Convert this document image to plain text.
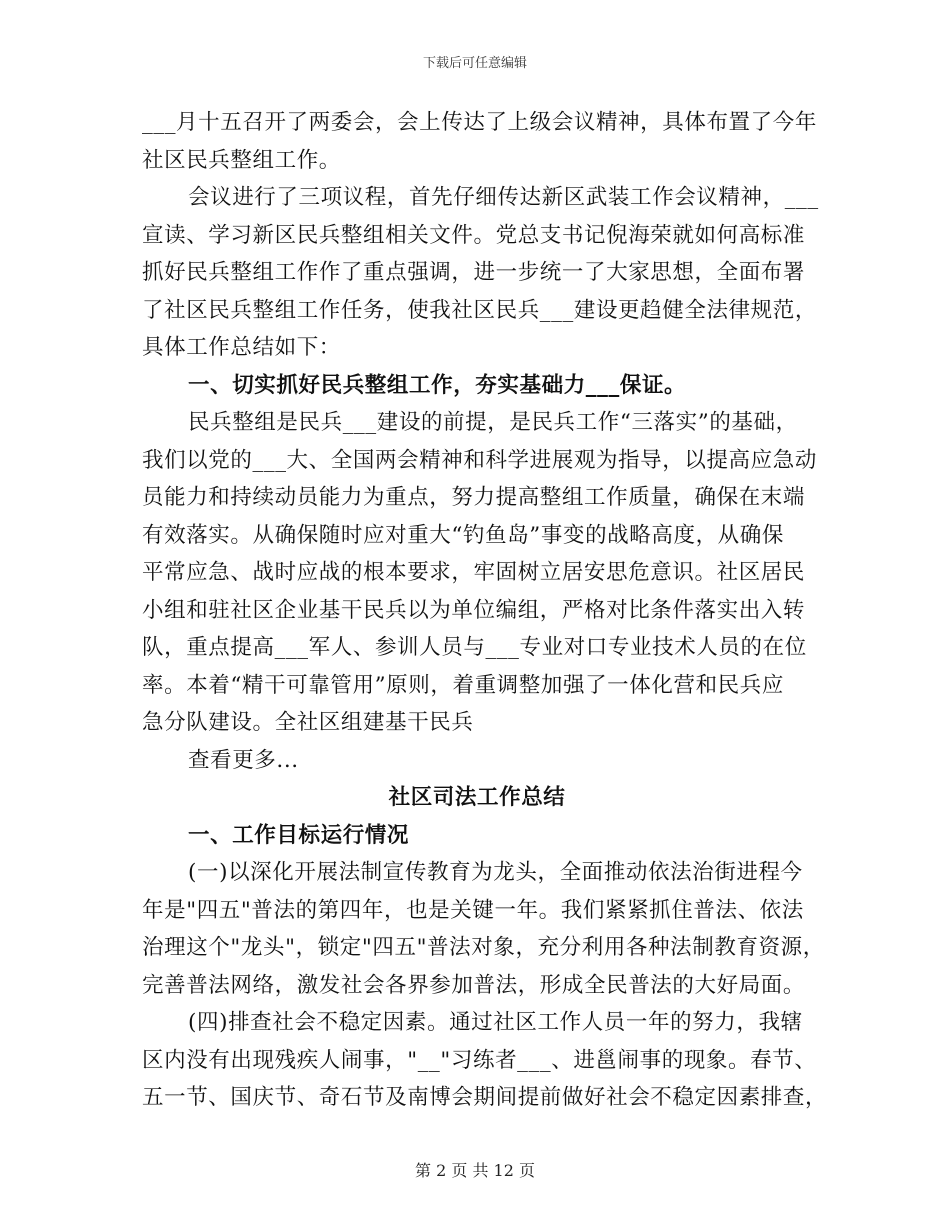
下载后可任意编辑
___月十五召开了两委会，会上传达了上级会议精神，具体布置了今年
社区民兵整组工作。
会议进行了三项议程，首先仔细传达新区武装工作会议精神，___
宣读、学习新区民兵整组相关文件。党总支书记倪海荣就如何高标准
抓好民兵整组工作作了重点强调，进一步统一了大家思想，全面布署
了社区民兵整组工作任务，使我社区民兵___建设更趋健全法律规范，
具体工作总结如下：
一、切实抓好民兵整组工作，夯实基础力___保证。
民兵整组是民兵___建设的前提，是民兵工作“三落实”的基础，
我们以党的___大、全国两会精神和科学进展观为指导，以提高应急动
员能力和持续动员能力为重点，努力提高整组工作质量，确保在末端
有效落实。从确保随时应对重大“钓鱼岛”事变的战略高度，从确保
平常应急、战时应战的根本要求，牢固树立居安思危意识。社区居民
小组和驻社区企业基干民兵以为单位编组，严格对比条件落实出入转
队，重点提高___军人、参训人员与___专业对口专业技术人员的在位
率。本着“精干可靠管用”原则，着重调整加强了一体化营和民兵应
急分队建设。全社区组建基干民兵
查看更多...
社区司法工作总结
一、工作目标运行情况
(一)以深化开展法制宣传教育为龙头，全面推动依法治街进程今
年是"四五"普法的第四年，也是关键一年。我们紧紧抓住普法、依法
治理这个"龙头"，锁定"四五"普法对象，充分利用各种法制教育资源，
完善普法网络，激发社会各界参加普法，形成全民普法的大好局面。
(四)排查社会不稳定因素。通过社区工作人员一年的努力，我辖
区内没有出现残疾人闹事，"__"习练者___、进邕闹事的现象。春节、
五一节、国庆节、奇石节及南博会期间提前做好社会不稳定因素排查，
第 2 页 共 12 页
